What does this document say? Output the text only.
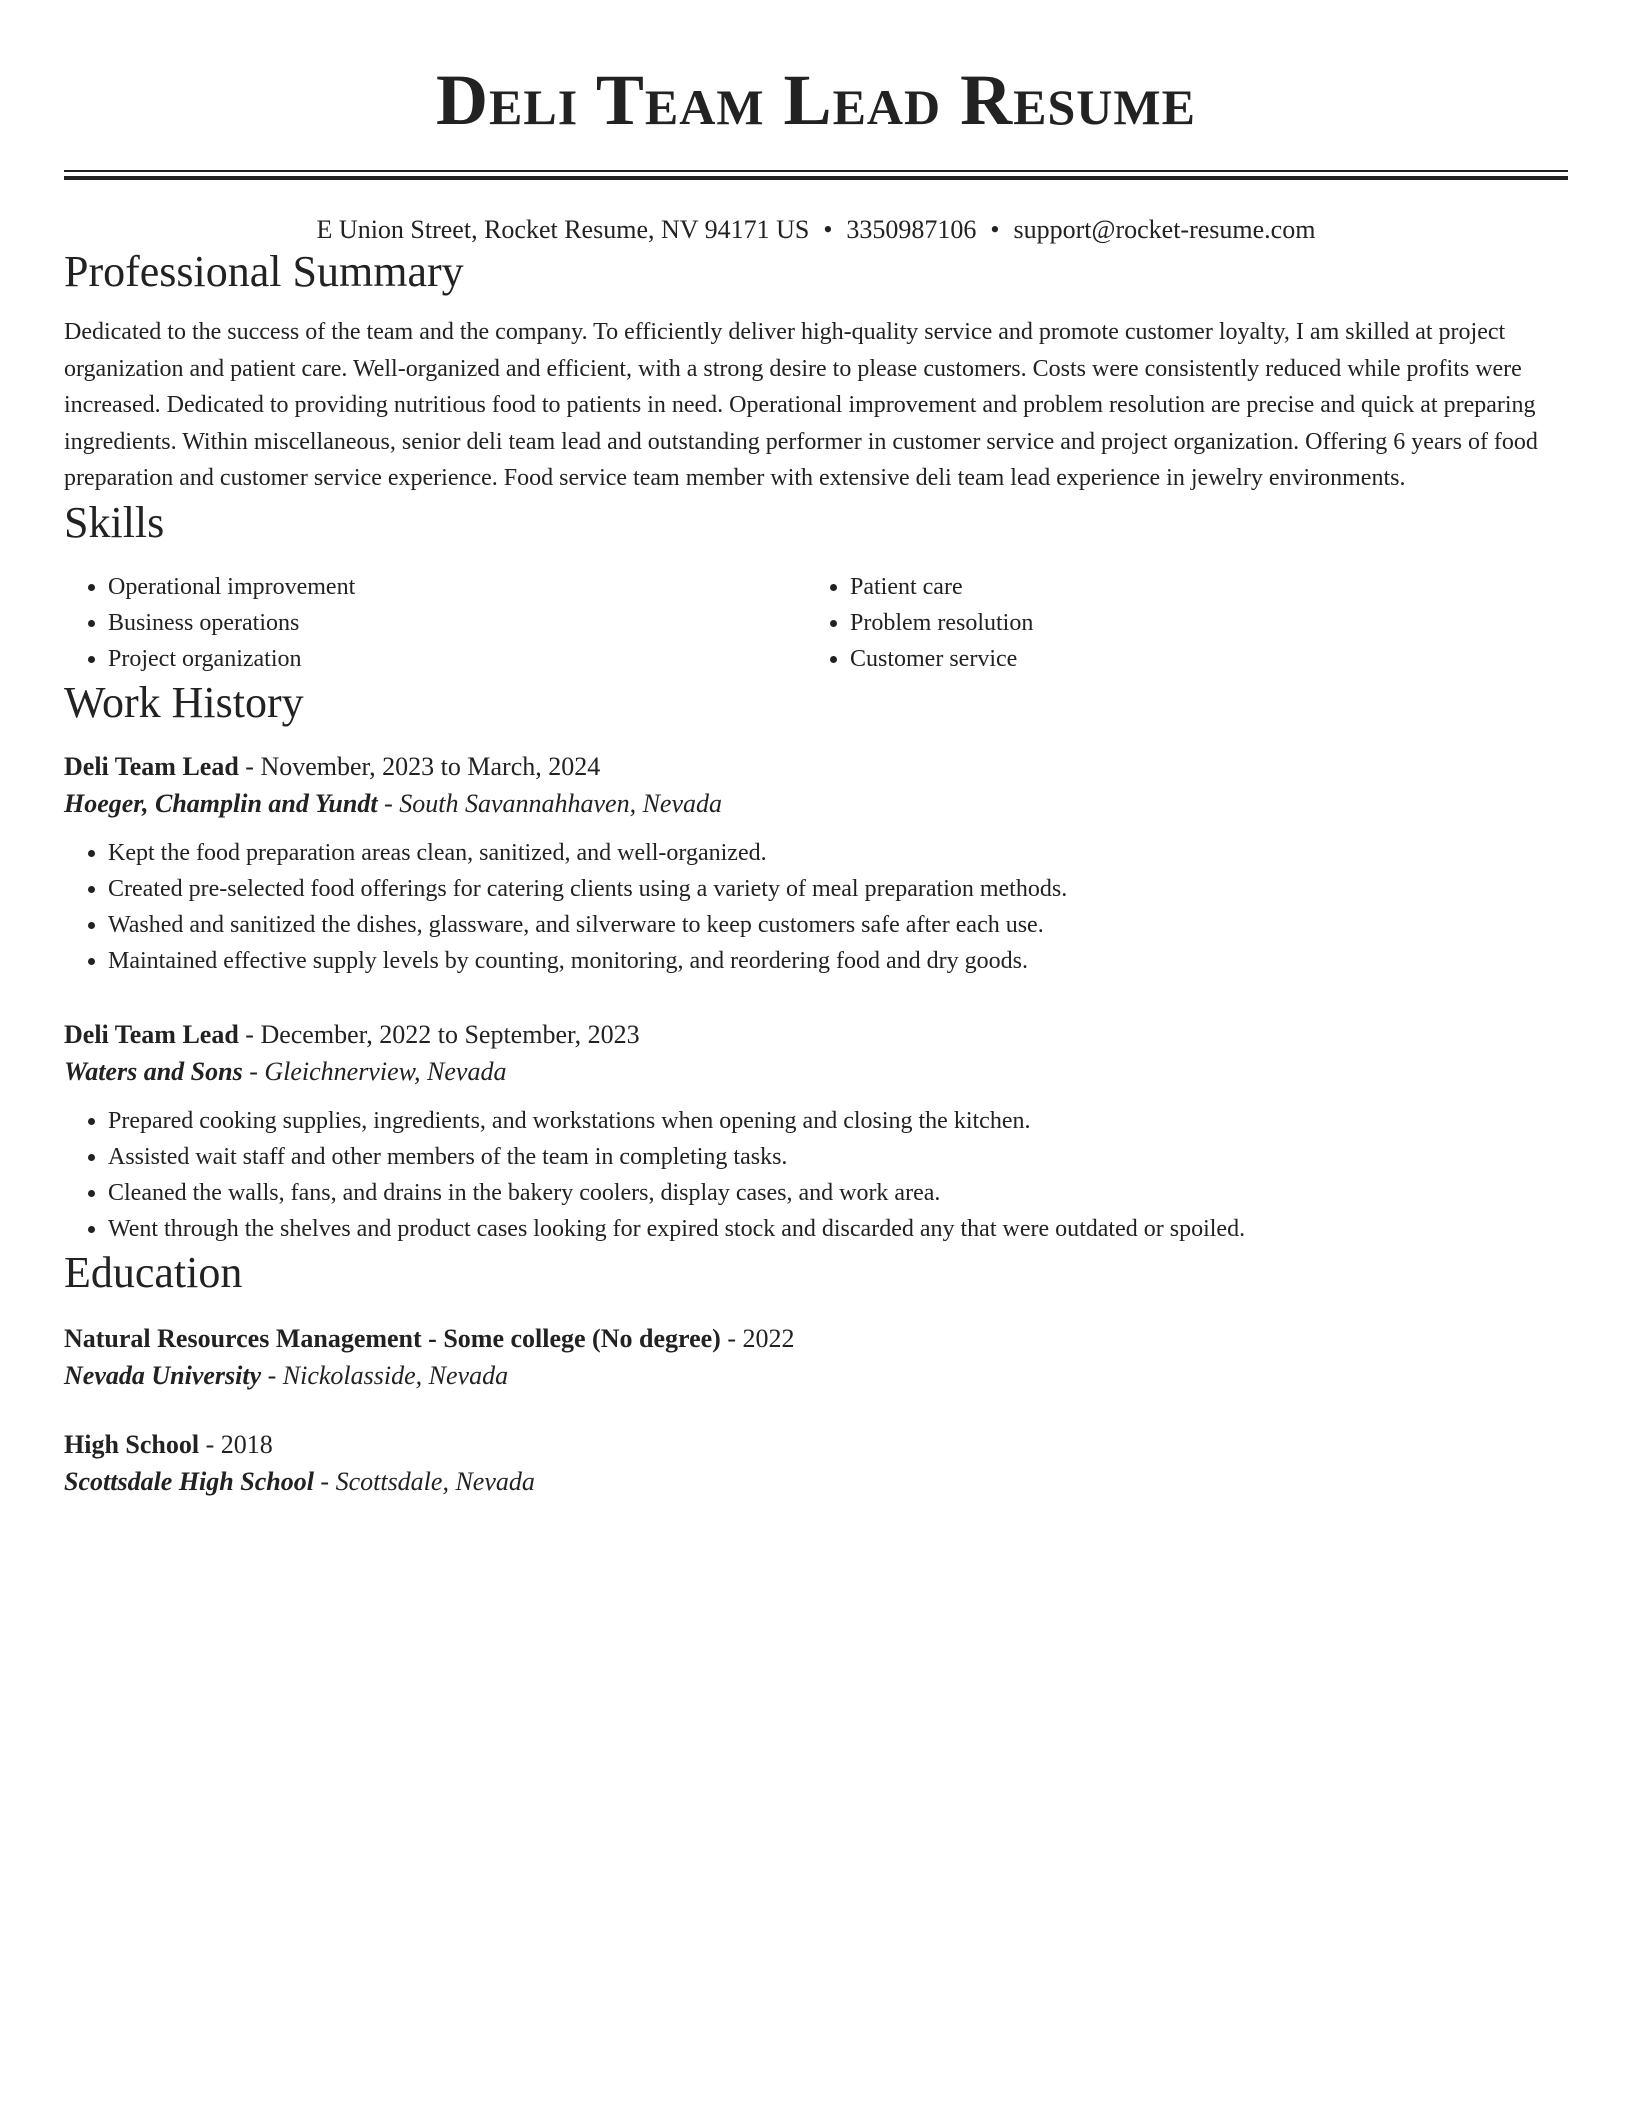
Deli Team Lead Resume
E Union Street, Rocket Resume, NV 94171 US • 3350987106 • support@rocket-resume.com
Professional Summary
Dedicated to the success of the team and the company. To efficiently deliver high-quality service and promote customer loyalty, I am skilled at project organization and patient care. Well-organized and efficient, with a strong desire to please customers. Costs were consistently reduced while profits were increased. Dedicated to providing nutritious food to patients in need. Operational improvement and problem resolution are precise and quick at preparing ingredients. Within miscellaneous, senior deli team lead and outstanding performer in customer service and project organization. Offering 6 years of food preparation and customer service experience. Food service team member with extensive deli team lead experience in jewelry environments.
Skills
• Operational improvement
• Business operations
• Project organization
• Patient care
• Problem resolution
• Customer service
Work History
Deli Team Lead - November, 2023 to March, 2024
Hoeger, Champlin and Yundt - South Savannahhaven, Nevada
• Kept the food preparation areas clean, sanitized, and well-organized.
• Created pre-selected food offerings for catering clients using a variety of meal preparation methods.
• Washed and sanitized the dishes, glassware, and silverware to keep customers safe after each use.
• Maintained effective supply levels by counting, monitoring, and reordering food and dry goods.
Deli Team Lead - December, 2022 to September, 2023
Waters and Sons - Gleichnerview, Nevada
• Prepared cooking supplies, ingredients, and workstations when opening and closing the kitchen.
• Assisted wait staff and other members of the team in completing tasks.
• Cleaned the walls, fans, and drains in the bakery coolers, display cases, and work area.
• Went through the shelves and product cases looking for expired stock and discarded any that were outdated or spoiled.
Education
Natural Resources Management - Some college (No degree) - 2022
Nevada University - Nickolasside, Nevada
High School - 2018
Scottsdale High School - Scottsdale, Nevada
